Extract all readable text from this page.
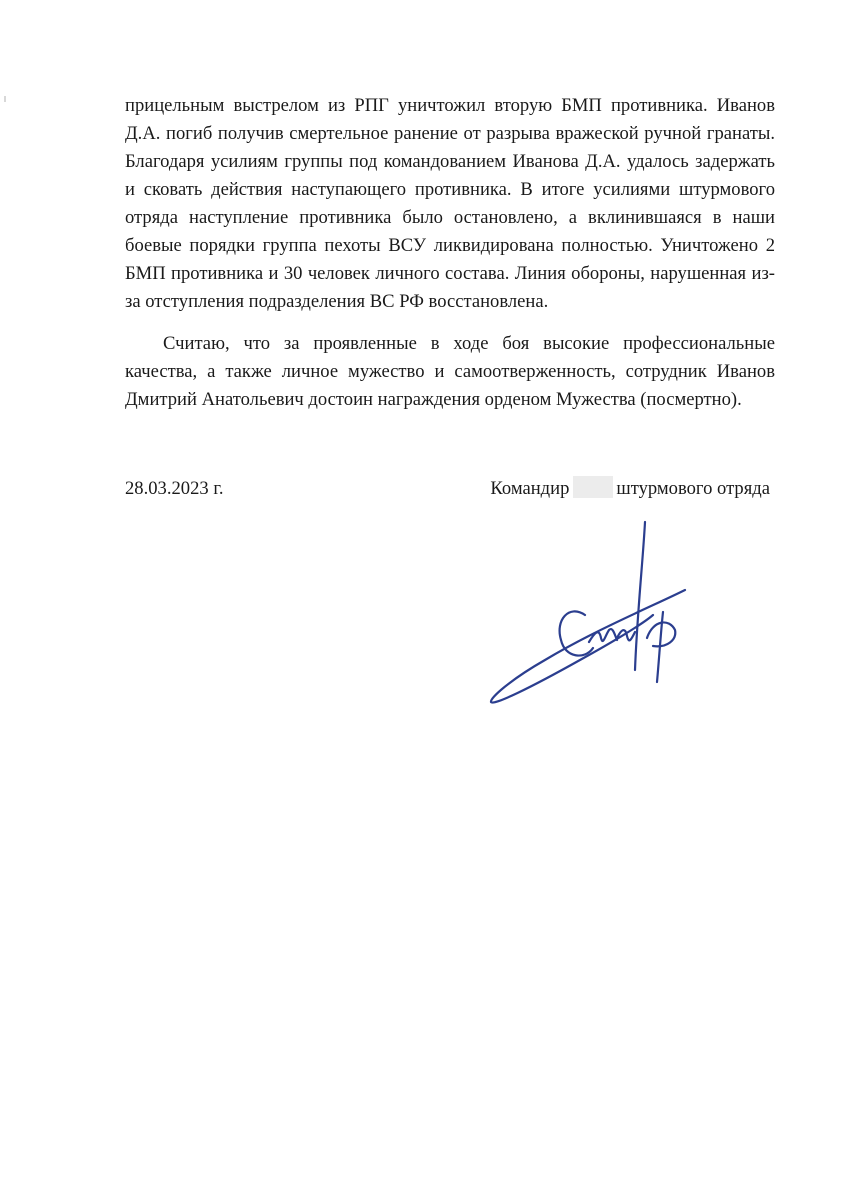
прицельным выстрелом из РПГ уничтожил вторую БМП противника. Иванов Д.А. погиб получив смертельное ранение от разрыва вражеской ручной гранаты. Благодаря усилиям группы под командованием Иванова Д.А. удалось задержать и сковать действия наступающего противника. В итоге усилиями штурмового отряда наступление противника было остановлено, а вклинившаяся в наши боевые порядки группа пехоты ВСУ ликвидирована полностью. Уничтожено 2 БМП противника и 30 человек личного состава. Линия обороны, нарушенная из-за отступления подразделения ВС РФ восстановлена.

Считаю, что за проявленные в ходе боя высокие профессиональные качества, а также личное мужество и самоотверженность, сотрудник Иванов Дмитрий Анатольевич достоин награждения орденом Мужества (посмертно).

28.03.2023 г.	Командир	штурмового отряда
